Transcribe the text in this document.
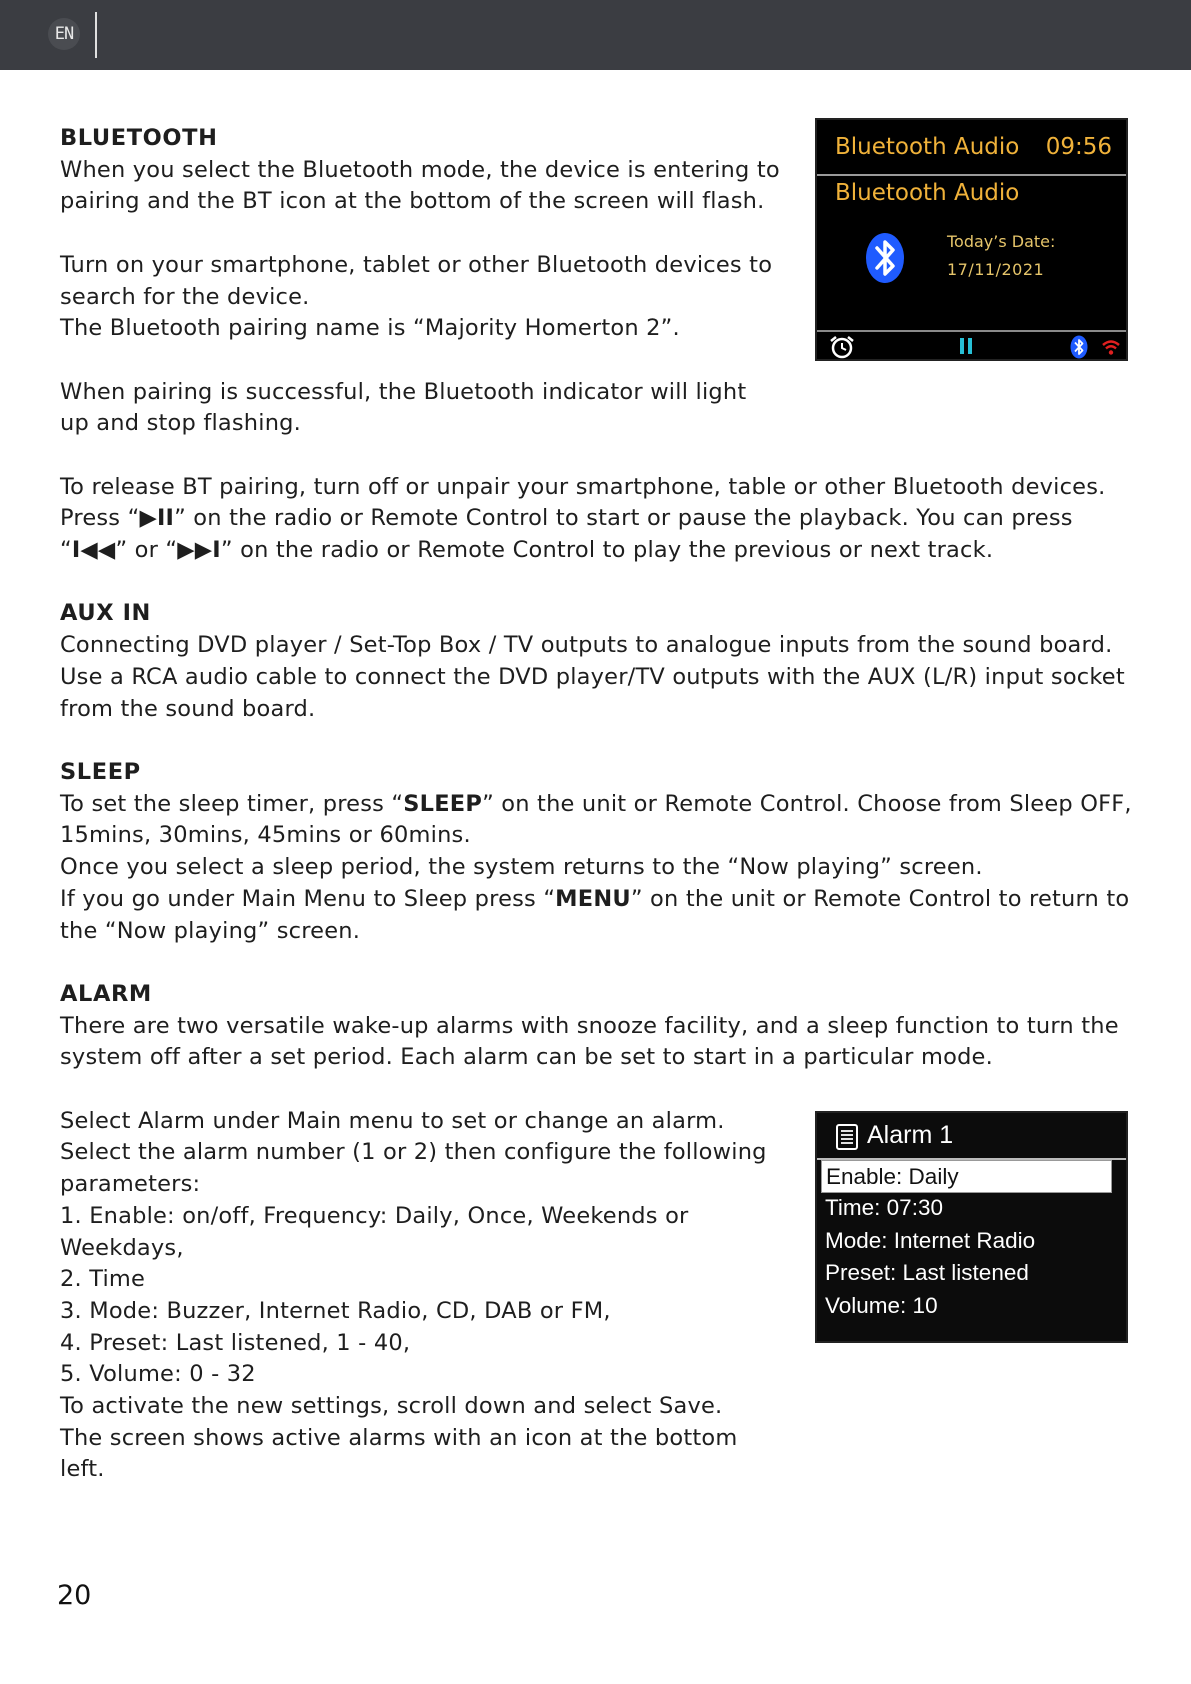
EN

BLUETOOTH

When you select the Bluetooth mode, the device is entering to pairing and the BT icon at the bottom of the screen will flash.

Turn on your smartphone, tablet or other Bluetooth devices to search for the device.

The Bluetooth pairing name is “Majority Homerton 2”.

When pairing is successful, the Bluetooth indicator will light up and stop flashing.

To release BT pairing, turn off or unpair your smartphone, table or other Bluetooth devices.

Press “▶II” on the radio or Remote Control to start or pause the playback. You can press “I◀◀” or “▶▶I” on the radio or Remote Control to play the previous or next track.

AUX IN

Connecting DVD player / Set-Top Box / TV outputs to analogue inputs from the sound board.

Use a RCA audio cable to connect the DVD player/TV outputs with the AUX (L/R) input socket from the sound board.

SLEEP

To set the sleep timer, press “SLEEP” on the unit or Remote Control. Choose from Sleep OFF, 15mins, 30mins, 45mins or 60mins.

Once you select a sleep period, the system returns to the “Now playing” screen.

If you go under Main Menu to Sleep press “MENU” on the unit or Remote Control to return to the “Now playing” screen.

ALARM

There are two versatile wake-up alarms with snooze facility, and a sleep function to turn the system off after a set period. Each alarm can be set to start in a particular mode.

Select Alarm under Main menu to set or change an alarm.

Select the alarm number (1 or 2) then configure the following parameters:

1. Enable: on/off, Frequency: Daily, Once, Weekends or Weekdays,

2. Time

3. Mode: Buzzer, Internet Radio, CD, DAB or FM,

4. Preset: Last listened, 1 - 40,

5. Volume: 0 - 32

To activate the new settings, scroll down and select Save.

The screen shows active alarms with an icon at the bottom left.

Bluetooth Audio 09:56
Bluetooth Audio
Today’s Date:
17/11/2021
Alarm 1
Enable: Daily
Time: 07:30
Mode: Internet Radio
Preset: Last listened
Volume: 10
20
